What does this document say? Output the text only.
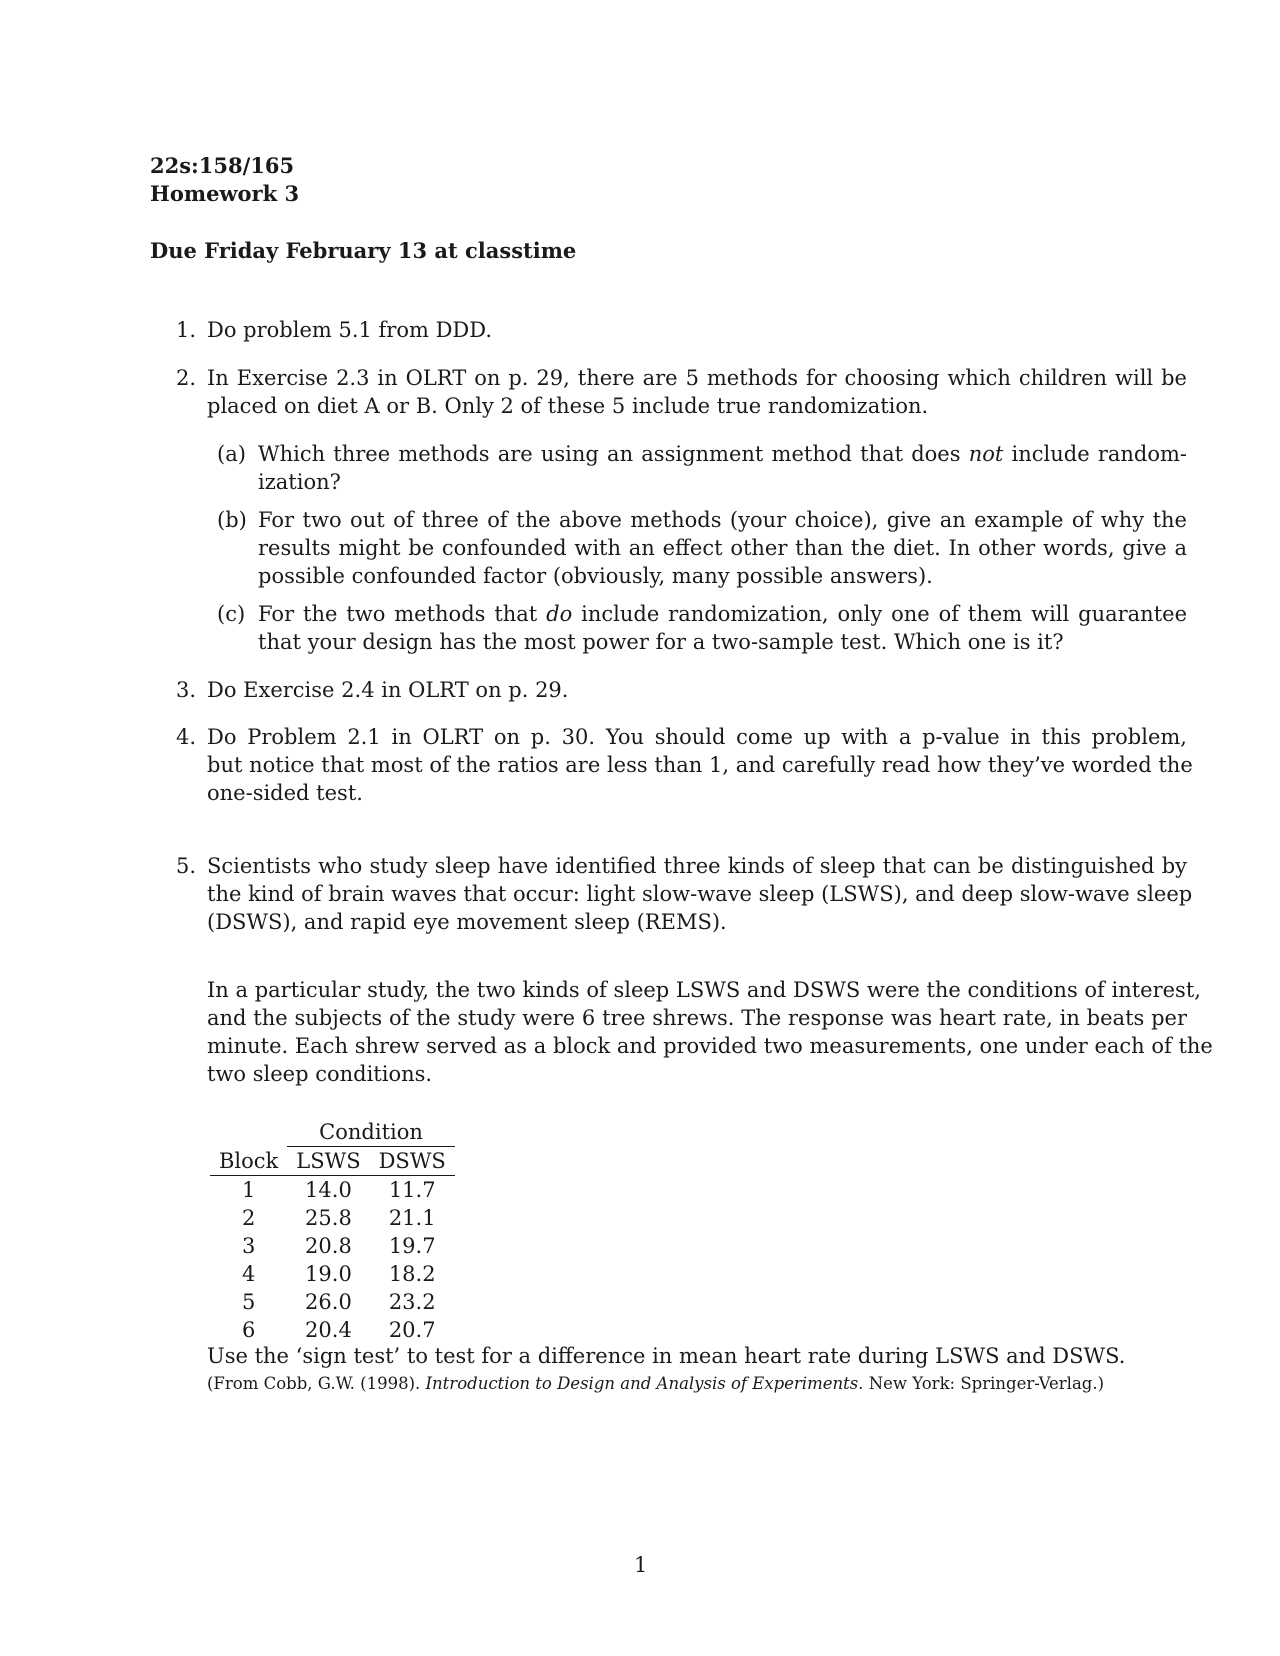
22s:158/165
Homework 3
Due Friday February 13 at classtime
1. Do problem 5.1 from DDD.
2. In Exercise 2.3 in OLRT on p. 29, there are 5 methods for choosing which children will be
placed on diet A or B. Only 2 of these 5 include true randomization.
(a) Which three methods are using an assignment method that does not include random-
ization?
(b) For two out of three of the above methods (your choice), give an example of why the
results might be confounded with an effect other than the diet. In other words, give a
possible confounded factor (obviously, many possible answers).
(c) For the two methods that do include randomization, only one of them will guarantee
that your design has the most power for a two-sample test. Which one is it?
3. Do Exercise 2.4 in OLRT on p. 29.
4. Do Problem 2.1 in OLRT on p. 30. You should come up with a p-value in this problem,
but notice that most of the ratios are less than 1, and carefully read how they’ve worded the
one-sided test.
5. Scientists who study sleep have identified three kinds of sleep that can be distinguished by
the kind of brain waves that occur: light slow-wave sleep (LSWS), and deep slow-wave sleep
(DSWS), and rapid eye movement sleep (REMS).
In a particular study, the two kinds of sleep LSWS and DSWS were the conditions of interest,
and the subjects of the study were 6 tree shrews. The response was heart rate, in beats per
minute. Each shrew served as a block and provided two measurements, one under each of the
two sleep conditions.
	Condition	
Block	LSWS	DSWS
1	14.0	11.7
2	25.8	21.1
3	20.8	19.7
4	19.0	18.2
5	26.0	23.2
6	20.4	20.7
Use the ‘sign test’ to test for a difference in mean heart rate during LSWS and DSWS.
(From Cobb, G.W. (1998). Introduction to Design and Analysis of Experiments. New York: Springer-Verlag.)
1
